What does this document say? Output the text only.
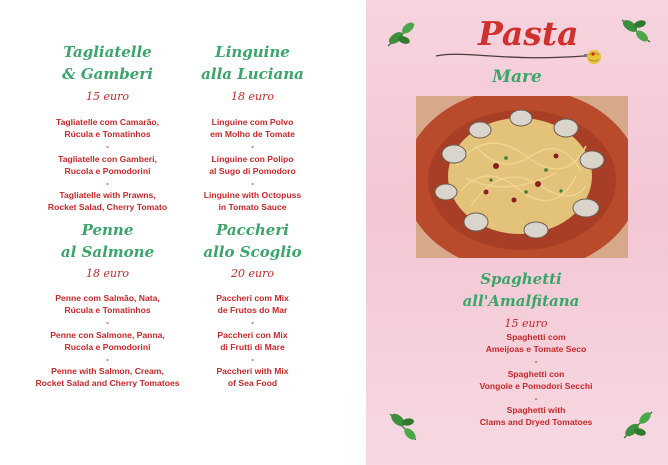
Tagliatelle
& Gamberi
15 euro
Tagliatelle com Camarão,
Rúcula e Tomatinhos
-
Tagliatelle con Gamberi,
Rucola e Pomodorini
-
Tagliatelle with Prawns,
Rocket Salad, Cherry Tomato
Linguine
alla Luciana
18 euro
Linguine com Polvo
em Molho de Tomate
-
Linguine con Polipo
al Sugo di Pomodoro
-
Linguine with Octopuss
in Tomato Sauce
Penne
al Salmone
18 euro
Penne com Salmão, Nata,
Rúcula e Tomatinhos
-
Penne con Salmone, Panna,
Rucola e Pomodorini
-
Penne with Salmon, Cream,
Rocket Salad and Cherry Tomatoes
Paccheri
allo Scoglio
20 euro
Paccheri com Mix
de Frutos do Mar
-
Paccheri con Mix
di Frutti di Mare
-
Paccheri with Mix
of Sea Food
Pasta
Mare
Spaghetti
all'Amalfitana
15 euro
Spaghetti com
Ameijoas e Tomate Seco
-
Spaghetti con
Vongole e Pomodori Secchi
-
Spaghetti with
Clams and Dryed Tomatoes
